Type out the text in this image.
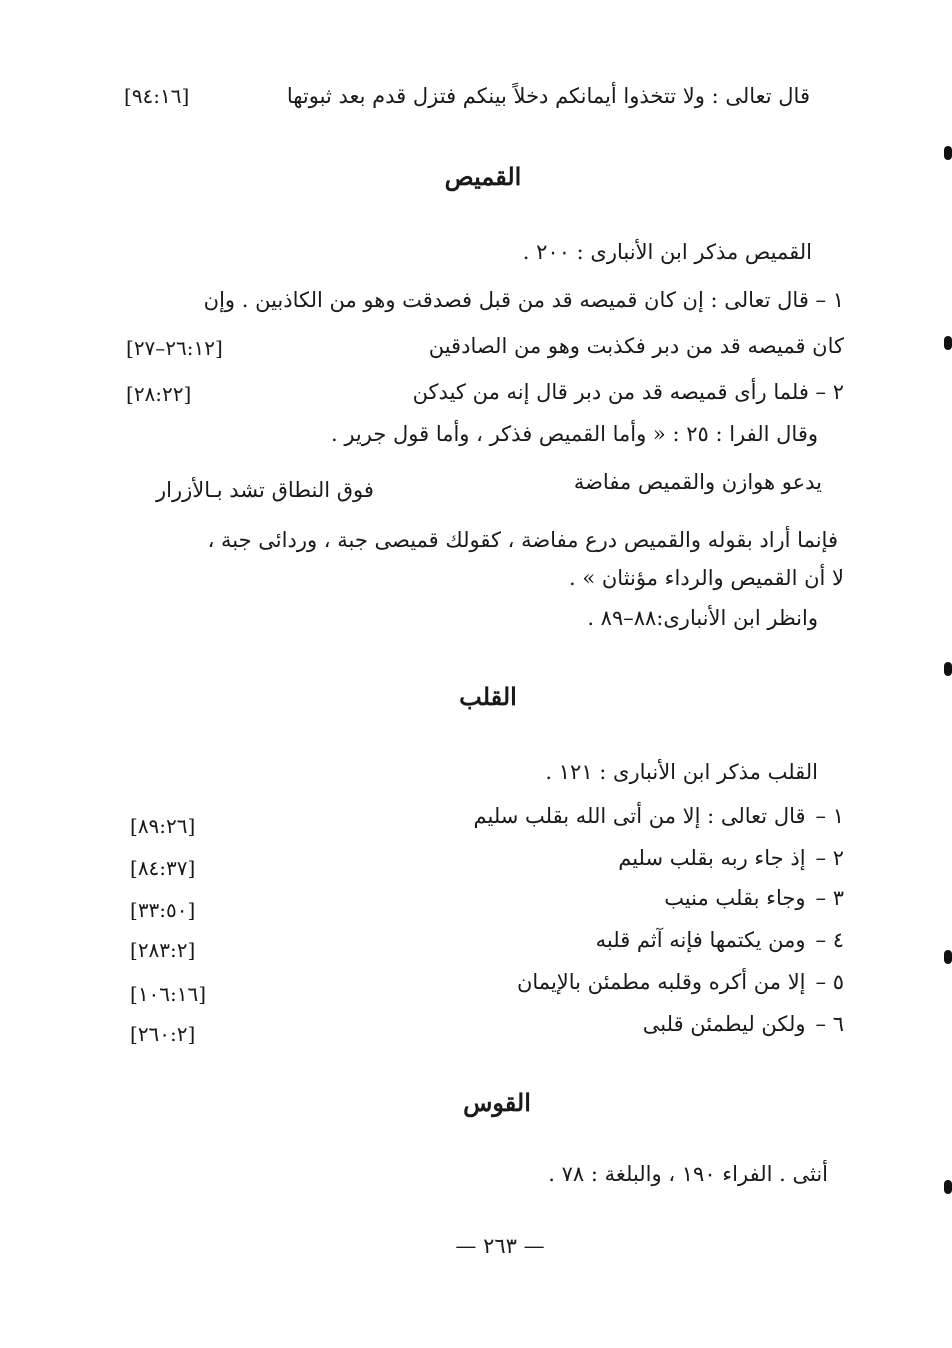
قال تعالى : ولا تتخذوا أيمانكم دخلاً بينكم فتزل قدم بعد ثبوتها
[٩٤:١٦]
القميص
القميص مذكر ابن الأنبارى : ٢٠٠ .
١ – قال تعالى : إن كان قميصه قد من قبل فصدقت وهو من الكاذبين . وإن
كان قميصه قد من دبر فكذبت وهو من الصادقين
[٢٦:١٢–٢٧]
٢ – فلما رأى قميصه قد من دبر قال إنه من كيدكن
[٢٨:٢٢]
وقال الفرا : ٢٥ : « وأما القميص فذكر ، وأما قول جرير .
يدعو هوازن والقميص مفاضة
فوق النطاق تشد بـالأزرار
فإنما أراد بقوله والقميص درع مفاضة ، كقولك قميصى جبة ، وردائى جبة ،
لا أن القميص والرداء مؤنثان » .
وانظر ابن الأنبارى:٨٨–٨٩ .
القلب
القلب مذكر ابن الأنبارى : ١٢١ .
١ –قال تعالى : إلا من أتى الله بقلب سليم
[٨٩:٢٦]
٢ –إذ جاء ربه بقلب سليم
[٨٤:٣٧]
٣ –وجاء بقلب منيب
[٣٣:٥٠]
٤ –ومن يكتمها فإنه آثم قلبه
[٢٨٣:٢]
٥ –إلا من أكره وقلبه مطمئن بالإيمان
[١٠٦:١٦]
٦ –ولكن ليطمئن قلبى
[٢٦٠:٢]
القوس
أنثى . الفراء ١٩٠ ، والبلغة : ٧٨ .
— ٢٦٣ —
